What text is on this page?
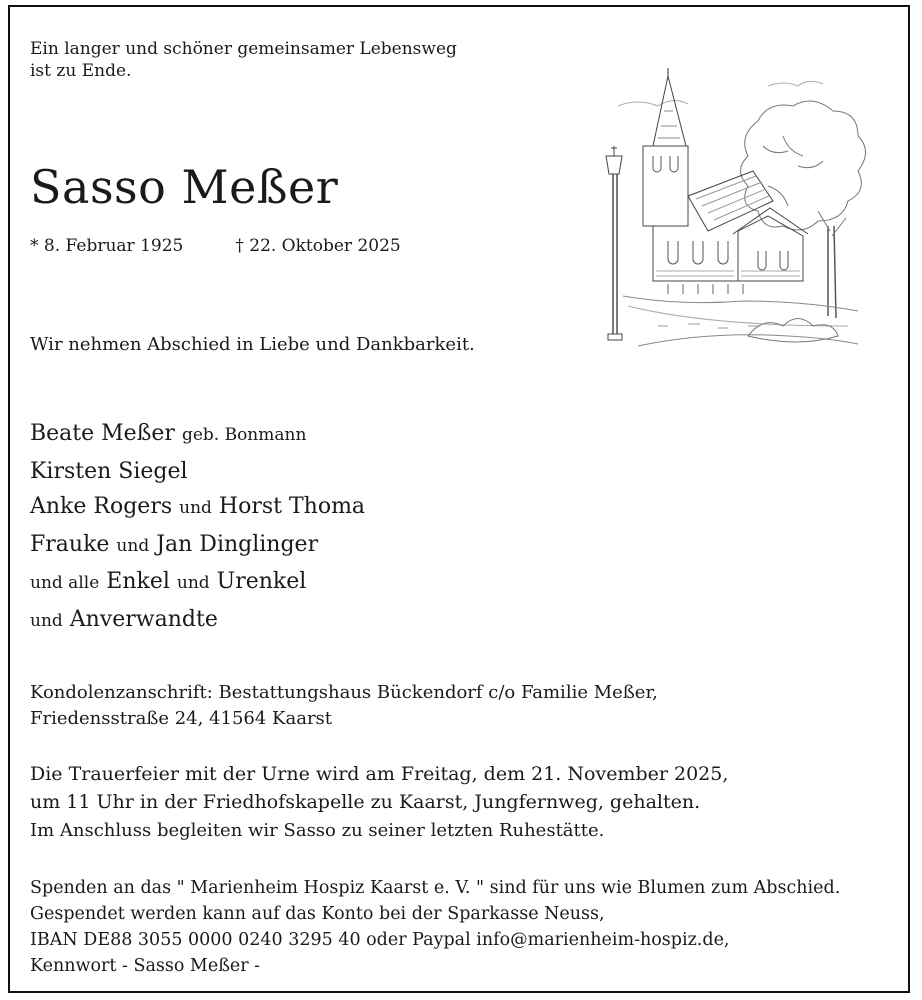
Ein langer und schöner gemeinsamer Lebensweg
ist zu Ende.
Sasso Meßer
* 8. Februar 1925	† 22. Oktober 2025
Wir nehmen Abschied in Liebe und Dankbarkeit.
Beate Meßer geb. Bonmann
Kirsten Siegel
Anke Rogers und Horst Thoma
Frauke und Jan Dinglinger
und alle Enkel und Urenkel
und Anverwandte
Kondolenzanschrift: Bestattungshaus Bückendorf c/o Familie Meßer,
Friedensstraße 24, 41564 Kaarst
Die Trauerfeier mit der Urne wird am Freitag, dem 21. November 2025,
um 11 Uhr in der Friedhofskapelle zu Kaarst, Jungfernweg, gehalten.
Im Anschluss begleiten wir Sasso zu seiner letzten Ruhestätte.
Spenden an das " Marienheim Hospiz Kaarst e. V. " sind für uns wie Blumen zum Abschied.
Gespendet werden kann auf das Konto bei der Sparkasse Neuss,
IBAN DE88 3055 0000 0240 3295 40 oder Paypal info@marienheim-hospiz.de,
Kennwort - Sasso Meßer -
